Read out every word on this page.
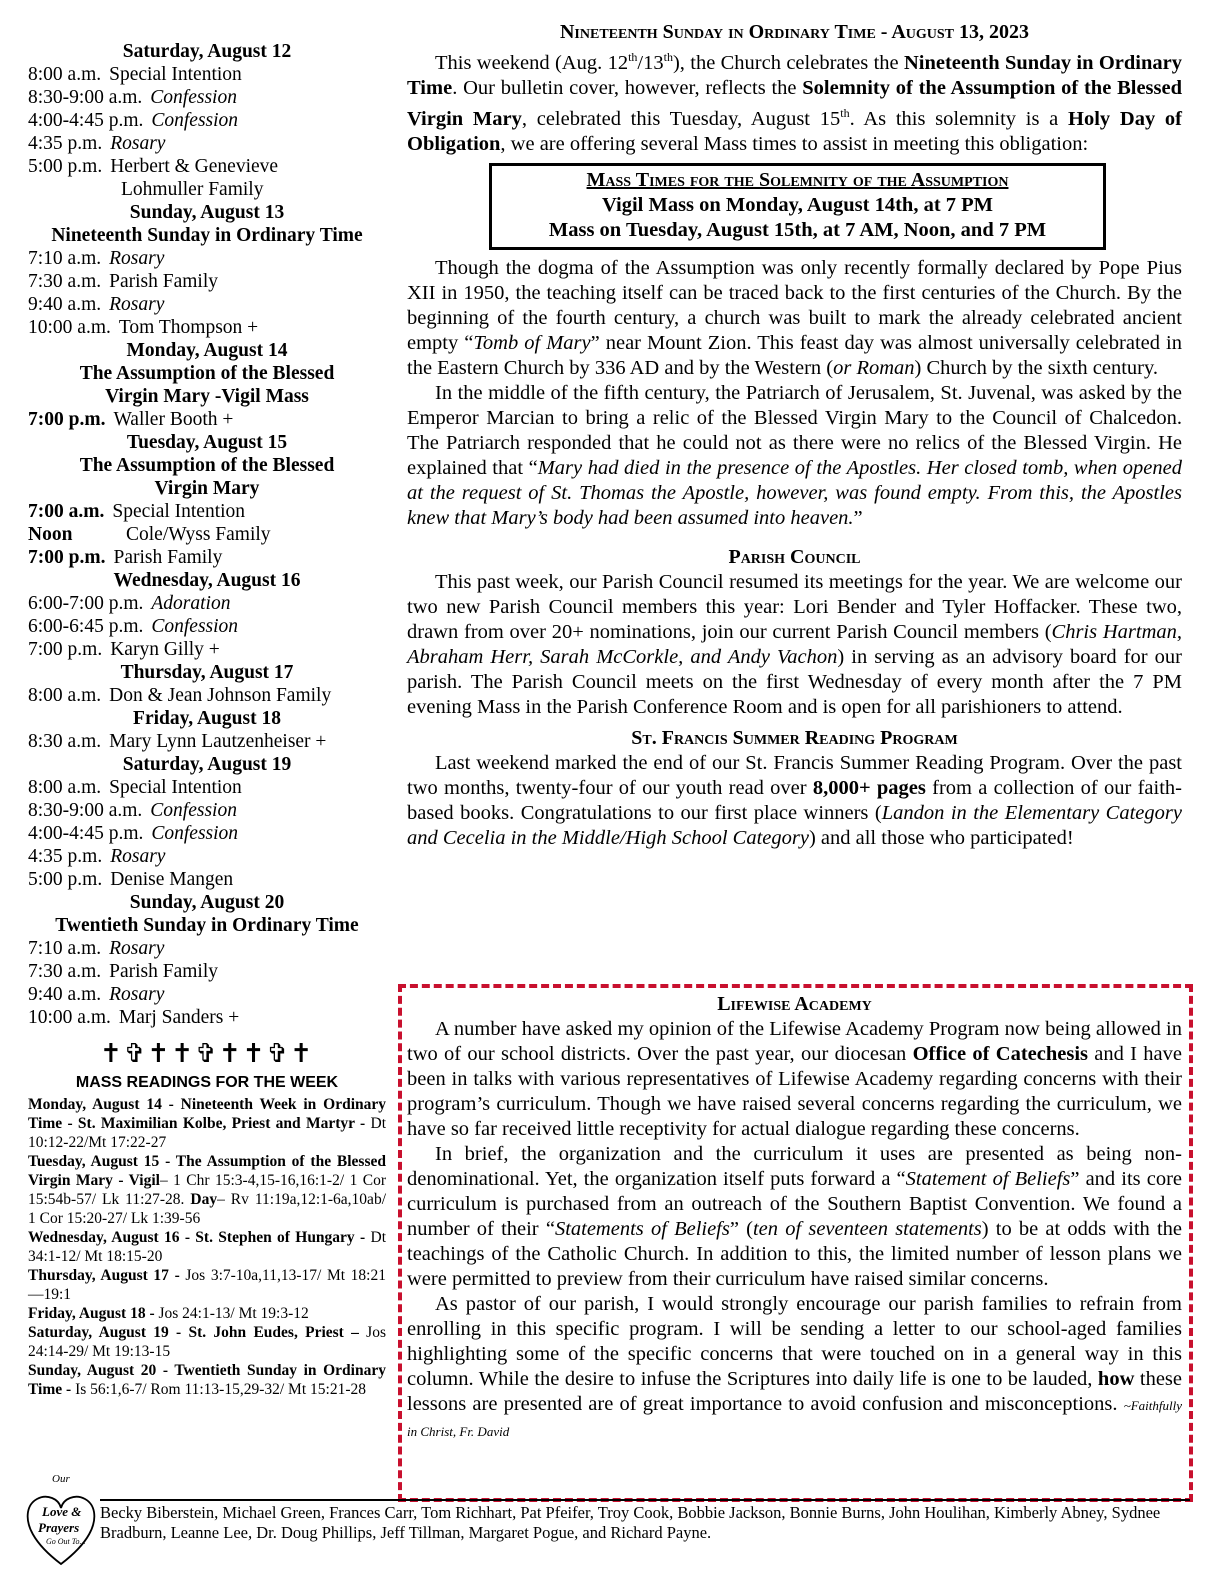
Saturday, August 12
8:00 a.m. Special Intention
8:30-9:00 a.m. Confession
4:00-4:45 p.m. Confession
4:35 p.m. Rosary
5:00 p.m. Herbert & Genevieve
Lohmuller Family
Sunday, August 13
Nineteenth Sunday in Ordinary Time
7:10 a.m. Rosary
7:30 a.m. Parish Family
9:40 a.m. Rosary
10:00 a.m. Tom Thompson +
Monday, August 14
The Assumption of the Blessed
Virgin Mary -Vigil Mass
7:00 p.m. Waller Booth +
Tuesday, August 15
The Assumption of the Blessed
Virgin Mary
7:00 a.m. Special Intention
Noon	Cole/Wyss Family
7:00 p.m. Parish Family
Wednesday, August 16
6:00-7:00 p.m. Adoration
6:00-6:45 p.m. Confession
7:00 p.m. Karyn Gilly +
Thursday, August 17
8:00 a.m. Don & Jean Johnson Family
Friday, August 18
8:30 a.m. Mary Lynn Lautzenheiser +
Saturday, August 19
8:00 a.m. Special Intention
8:30-9:00 a.m. Confession
4:00-4:45 p.m. Confession
4:35 p.m. Rosary
5:00 p.m. Denise Mangen
Sunday, August 20
Twentieth Sunday in Ordinary Time
7:10 a.m. Rosary
7:30 a.m. Parish Family
9:40 a.m. Rosary
10:00 a.m. Marj Sanders +
✝✞✝✝✞✝✝✞✝
MASS READINGS FOR THE WEEK

Monday, August 14 - Nineteenth Week in Ordinary Time - St. Maximilian Kolbe, Priest and Martyr - Dt 10:12-22/Mt 17:22-27

Tuesday, August 15 - The Assumption of the Blessed Virgin Mary - Vigil– 1 Chr 15:3-4,15-16,16:1-2/ 1 Cor 15:54b-57/ Lk 11:27-28. Day– Rv 11:19a,12:1-6a,10ab/ 1 Cor 15:20-27/ Lk 1:39-56

Wednesday, August 16 - St. Stephen of Hungary - Dt 34:1-12/ Mt 18:15-20

Thursday, August 17 - Jos 3:7-10a,11,13-17/ Mt 18:21—19:1

Friday, August 18 - Jos 24:1-13/ Mt 19:3-12

Saturday, August 19 - St. John Eudes, Priest – Jos 24:14-29/ Mt 19:13-15

Sunday, August 20 - Twentieth Sunday in Ordinary Time - Is 56:1,6-7/ Rom 11:13-15,29-32/ Mt 15:21-28

Nineteenth Sunday in Ordinary Time - August 13, 2023

This weekend (Aug. 12th/13th), the Church celebrates the Nineteenth Sunday in Ordinary Time. Our bulletin cover, however, reflects the Solemnity of the Assumption of the Blessed Virgin Mary, celebrated this Tuesday, August 15th. As this solemnity is a Holy Day of Obligation, we are offering several Mass times to assist in meeting this obligation:

Mass Times for the Solemnity of the Assumption
Vigil Mass on Monday, August 14th, at 7 PM
Mass on Tuesday, August 15th, at 7 AM, Noon, and 7 PM

Though the dogma of the Assumption was only recently formally declared by Pope Pius XII in 1950, the teaching itself can be traced back to the first centuries of the Church. By the beginning of the fourth century, a church was built to mark the already celebrated ancient empty “Tomb of Mary” near Mount Zion. This feast day was almost universally celebrated in the Eastern Church by 336 AD and by the Western (or Roman) Church by the sixth century.

In the middle of the fifth century, the Patriarch of Jerusalem, St. Juvenal, was asked by the Emperor Marcian to bring a relic of the Blessed Virgin Mary to the Council of Chalcedon. The Patriarch responded that he could not as there were no relics of the Blessed Virgin. He explained that “Mary had died in the presence of the Apostles. Her closed tomb, when opened at the request of St. Thomas the Apostle, however, was found empty. From this, the Apostles knew that Mary’s body had been assumed into heaven.”

Parish Council

This past week, our Parish Council resumed its meetings for the year. We are welcome our two new Parish Council members this year: Lori Bender and Tyler Hoffacker. These two, drawn from over 20+ nominations, join our current Parish Council members (Chris Hartman, Abraham Herr, Sarah McCorkle, and Andy Vachon) in serving as an advisory board for our parish. The Parish Council meets on the first Wednesday of every month after the 7 PM evening Mass in the Parish Conference Room and is open for all parishioners to attend.

St. Francis Summer Reading Program

Last weekend marked the end of our St. Francis Summer Reading Program. Over the past two months, twenty-four of our youth read over 8,000+ pages from a collection of our faith-based books. Congratulations to our first place winners (Landon in the Elementary Category and Cecelia in the Middle/High School Category) and all those who participated!

Lifewise Academy

A number have asked my opinion of the Lifewise Academy Program now being allowed in two of our school districts. Over the past year, our diocesan Office of Catechesis and I have been in talks with various representatives of Lifewise Academy regarding concerns with their program’s curriculum. Though we have raised several concerns regarding the curriculum, we have so far received little receptivity for actual dialogue regarding these concerns.

In brief, the organization and the curriculum it uses are presented as being non-denominational. Yet, the organization itself puts forward a “Statement of Beliefs” and its core curriculum is purchased from an outreach of the Southern Baptist Convention. We found a number of their “Statements of Beliefs” (ten of seventeen statements) to be at odds with the teachings of the Catholic Church. In addition to this, the limited number of lesson plans we were permitted to preview from their curriculum have raised similar concerns.

As pastor of our parish, I would strongly encourage our parish families to refrain from enrolling in this specific program. I will be sending a letter to our school-aged families highlighting some of the specific concerns that were touched on in a general way in this column. While the desire to infuse the Scriptures into daily life is one to be lauded, how these lessons are presented are of great importance to avoid confusion and misconceptions. ~Faithfully in Christ, Fr. David

Our
Love &
Prayers
Go Out To...
Becky Biberstein, Michael Green, Frances Carr, Tom Richhart, Pat Pfeifer, Troy Cook, Bobbie Jackson, Bonnie Burns, John Houlihan, Kimberly Abney, Sydnee Bradburn, Leanne Lee, Dr. Doug Phillips, Jeff Tillman, Margaret Pogue, and Richard Payne.
